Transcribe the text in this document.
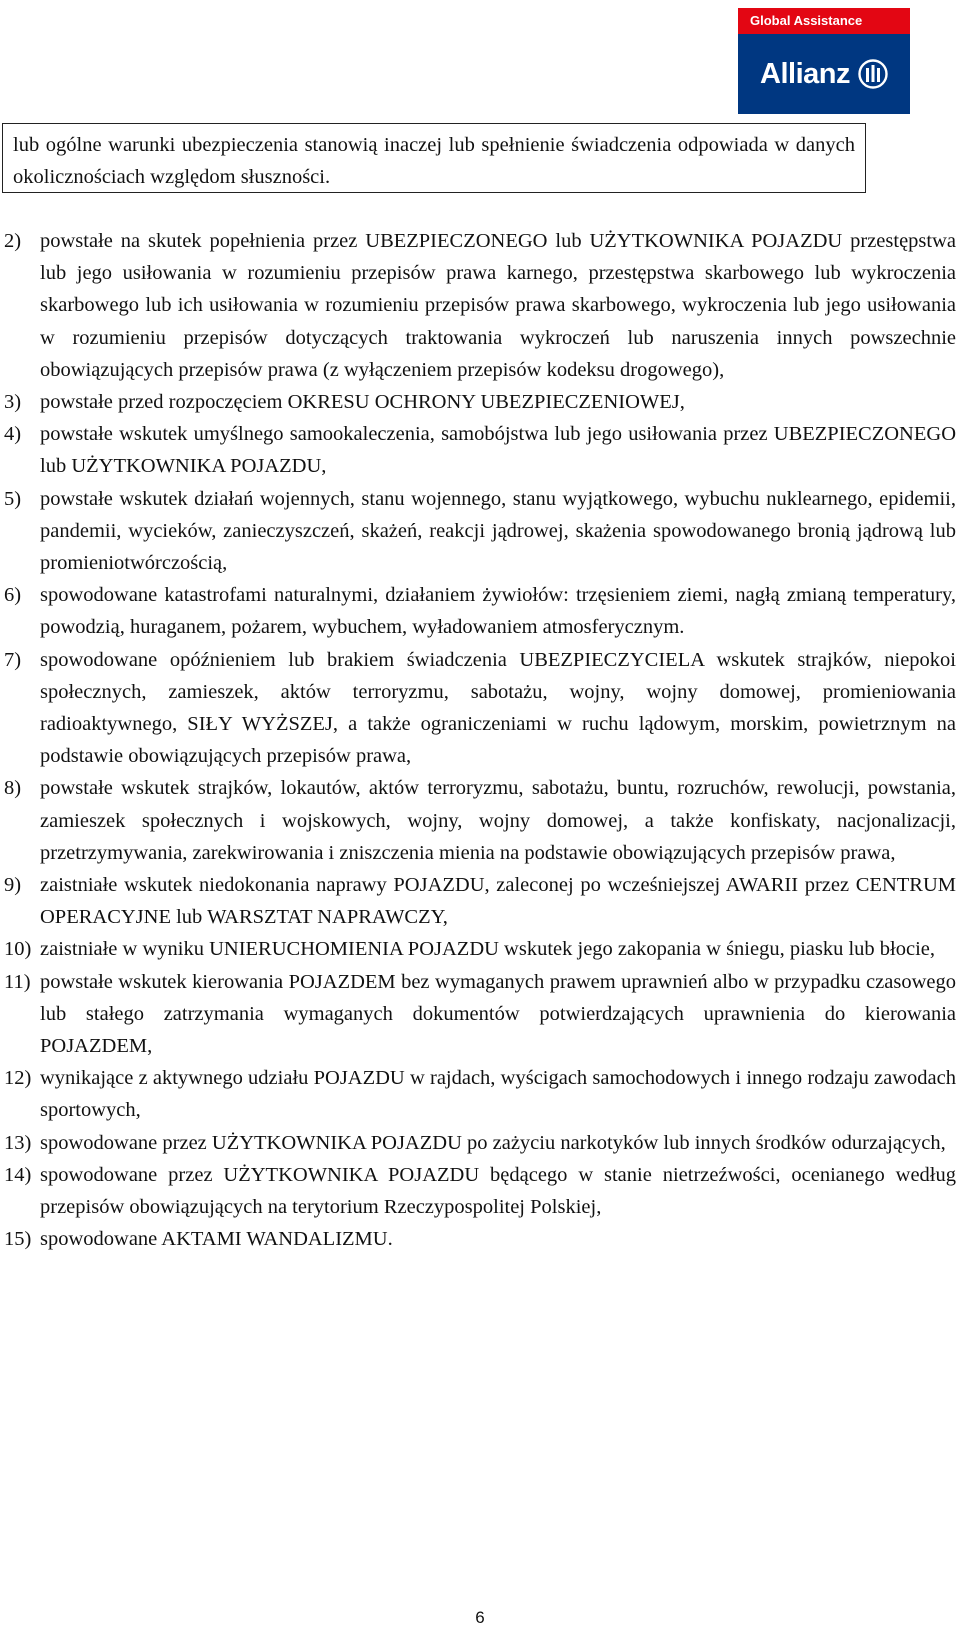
Global Assistance
Allianz
lub ogólne warunki ubezpieczenia stanowią inaczej lub spełnienie świadczenia odpowiada w danych okolicznościach względom słuszności.
2) powstałe na skutek popełnienia przez UBEZPIECZONEGO lub UŻYTKOWNIKA POJAZDU przestępstwa lub jego usiłowania w rozumieniu przepisów prawa karnego, przestępstwa skarbowego lub wykroczenia skarbowego lub ich usiłowania w rozumieniu przepisów prawa skarbowego, wykroczenia lub jego usiłowania w rozumieniu przepisów dotyczących traktowania wykroczeń lub naruszenia innych powszechnie obowiązujących przepisów prawa (z wyłączeniem przepisów kodeksu drogowego),
3) powstałe przed rozpoczęciem OKRESU OCHRONY UBEZPIECZENIOWEJ,
4) powstałe wskutek umyślnego samookaleczenia, samobójstwa lub jego usiłowania przez UBEZPIECZONEGO lub UŻYTKOWNIKA POJAZDU,
5) powstałe wskutek działań wojennych, stanu wojennego, stanu wyjątkowego, wybuchu nuklearnego, epidemii, pandemii, wycieków, zanieczyszczeń, skażeń, reakcji jądrowej, skażenia spowodowanego bronią jądrową lub promieniotwórczością,
6) spowodowane katastrofami naturalnymi, działaniem żywiołów: trzęsieniem ziemi, nagłą zmianą temperatury, powodzią, huraganem, pożarem, wybuchem, wyładowaniem atmosferycznym.
7) spowodowane opóźnieniem lub brakiem świadczenia UBEZPIECZYCIELA wskutek strajków, niepokoi społecznych, zamieszek, aktów terroryzmu, sabotażu, wojny, wojny domowej, promieniowania radioaktywnego, SIŁY WYŻSZEJ, a także ograniczeniami w ruchu lądowym, morskim, powietrznym na podstawie obowiązujących przepisów prawa,
8) powstałe wskutek strajków, lokautów, aktów terroryzmu, sabotażu, buntu, rozruchów, rewolucji, powstania, zamieszek społecznych i wojskowych, wojny, wojny domowej, a także konfiskaty, nacjonalizacji, przetrzymywania, zarekwirowania i zniszczenia mienia na podstawie obowiązujących przepisów prawa,
9) zaistniałe wskutek niedokonania naprawy POJAZDU, zaleconej po wcześniejszej AWARII przez CENTRUM OPERACYJNE lub WARSZTAT NAPRAWCZY,
10) zaistniałe w wyniku UNIERUCHOMIENIA POJAZDU wskutek jego zakopania w śniegu, piasku lub błocie,
11) powstałe wskutek kierowania POJAZDEM bez wymaganych prawem uprawnień albo w przypadku czasowego lub stałego zatrzymania wymaganych dokumentów potwierdzających uprawnienia do kierowania POJAZDEM,
12) wynikające z aktywnego udziału POJAZDU w rajdach, wyścigach samochodowych i innego rodzaju zawodach sportowych,
13) spowodowane przez UŻYTKOWNIKA POJAZDU po zażyciu narkotyków lub innych środków odurzających,
14) spowodowane przez UŻYTKOWNIKA POJAZDU będącego w stanie nietrzeźwości, ocenianego według przepisów obowiązujących na terytorium Rzeczypospolitej Polskiej,
15) spowodowane AKTAMI WANDALIZMU.
6
